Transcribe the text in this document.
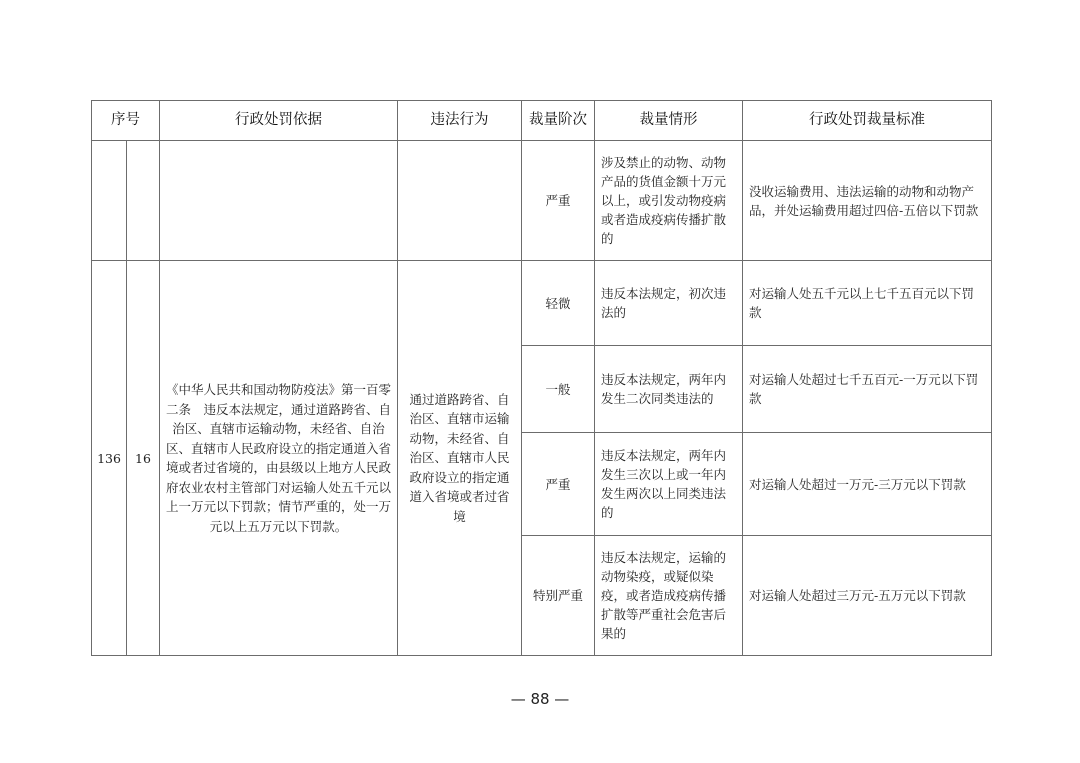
序号		行政处罚依据	违法行为	裁量阶次	裁量情形	行政处罚裁量标准
				严重	涉及禁止的动物、动物产品的货值金额十万元以上，或引发动物疫病或者造成疫病传播扩散的	没收运输费用、违法运输的动物和动物产品，并处运输费用超过四倍-五倍以下罚款
136	16	《中华人民共和国动物防疫法》第一百零二条　违反本法规定，通过道路跨省、自治区、直辖市运输动物，未经省、自治区、直辖市人民政府设立的指定通道入省境或者过省境的，由县级以上地方人民政府农业农村主管部门对运输人处五千元以上一万元以下罚款；情节严重的，处一万元以上五万元以下罚款。	通过道路跨省、自治区、直辖市运输动物，未经省、自治区、直辖市人民政府设立的指定通道入省境或者过省境	轻微	违反本法规定，初次违法的	对运输人处五千元以上七千五百元以下罚款
				一般	违反本法规定，两年内发生二次同类违法的	对运输人处超过七千五百元-一万元以下罚款
				严重	违反本法规定，两年内发生三次以上或一年内发生两次以上同类违法的	对运输人处超过一万元-三万元以下罚款
				特别严重	违反本法规定，运输的动物染疫，或疑似染疫，或者造成疫病传播扩散等严重社会危害后果的	对运输人处超过三万元-五万元以下罚款
— 88 —
